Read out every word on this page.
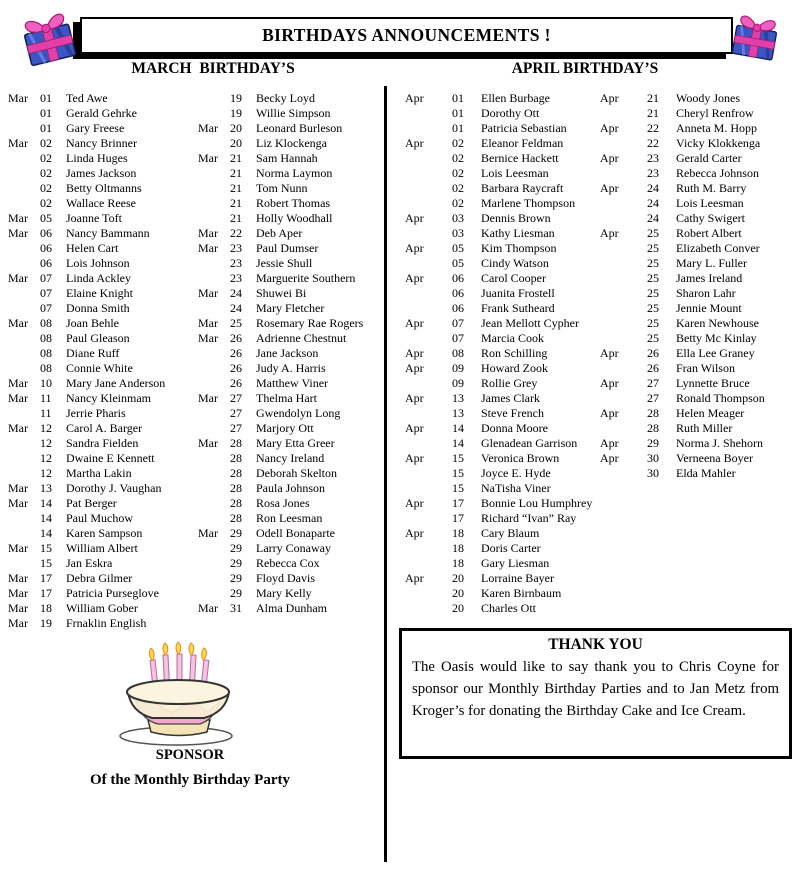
BIRTHDAYS ANNOUNCEMENTS !
MARCH  BIRTHDAY’S	APRIL BIRTHDAY’S
Mar	01	Ted Awe
01	Gerald Gehrke
01	Gary Freese
Mar	02	Nancy Brinner
02	Linda Huges
02	James Jackson
02	Betty Oltmanns
02	Wallace Reese
Mar	05	Joanne Toft
Mar	06	Nancy Bammann
06	Helen Cart
06	Lois Johnson
Mar	07	Linda Ackley
07	Elaine Knight
07	Donna Smith
Mar	08	Joan Behle
08	Paul Gleason
08	Diane Ruff
08	Connie White
Mar	10	Mary Jane Anderson
Mar	11	Nancy Kleinmam
11	Jerrie Pharis
Mar	12	Carol A. Barger
12	Sandra Fielden
12	Dwaine E Kennett
12	Martha Lakin
Mar	13	Dorothy J. Vaughan
Mar	14	Pat Berger
14	Paul Muchow
14	Karen Sampson
Mar	15	William Albert
15	Jan Eskra
Mar	17	Debra Gilmer
Mar	17	Patricia Purseglove
Mar	18	William Gober
Mar	19	Frnaklin English
19	Becky Loyd
19	Willie Simpson
Mar	20	Leonard Burleson
20	Liz Klockenga
Mar	21	Sam Hannah
21	Norma Laymon
21	Tom Nunn
21	Robert Thomas
21	Holly Woodhall
Mar	22	Deb Aper
Mar	23	Paul Dumser
23	Jessie Shull
23	Marguerite Southern
Mar	24	Shuwei Bi
24	Mary Fletcher
Mar	25	Rosemary Rae Rogers
Mar	26	Adrienne Chestnut
26	Jane Jackson
26	Judy A. Harris
26	Matthew Viner
Mar	27	Thelma Hart
27	Gwendolyn Long
27	Marjory Ott
Mar	28	Mary Etta Greer
28	Nancy Ireland
28	Deborah Skelton
28	Paula Johnson
28	Rosa Jones
28	Ron Leesman
Mar	29	Odell Bonaparte
29	Larry Conaway
29	Rebecca Cox
29	Floyd Davis
29	Mary Kelly
Mar	31	Alma Dunham
Apr	01	Ellen Burbage
01	Dorothy Ott
01	Patricia Sebastian
Apr	02	Eleanor Feldman
02	Bernice Hackett
02	Lois Leesman
02	Barbara Raycraft
02	Marlene Thompson
Apr	03	Dennis Brown
03	Kathy Liesman
Apr	05	Kim Thompson
05	Cindy Watson
Apr	06	Carol Cooper
06	Juanita Frostell
06	Frank Sutheard
Apr	07	Jean Mellott Cypher
07	Marcia Cook
Apr	08	Ron Schilling
Apr	09	Howard Zook
09	Rollie Grey
Apr	13	James Clark
13	Steve French
Apr	14	Donna Moore
14	Glenadean Garrison
Apr	15	Veronica Brown
15	Joyce E. Hyde
15	NaTisha Viner
Apr	17	Bonnie Lou Humphrey
17	Richard “Ivan” Ray
Apr	18	Cary Blaum
18	Doris Carter
18	Gary Liesman
Apr	20	Lorraine Bayer
20	Karen Birnbaum
20	Charles Ott
Apr	21	Woody Jones
21	Cheryl Renfrow
Apr	22	Anneta M. Hopp
22	Vicky Klokkenga
Apr	23	Gerald Carter
23	Rebecca Johnson
Apr	24	Ruth M. Barry
24	Lois Leesman
24	Cathy Swigert
Apr	25	Robert Albert
25	Elizabeth Conver
25	Mary L. Fuller
25	James Ireland
25	Sharon Lahr
25	Jennie Mount
25	Karen Newhouse
25	Betty Mc Kinlay
Apr	26	Ella Lee Graney
26	Fran Wilson
Apr	27	Lynnette Bruce
27	Ronald Thompson
Apr	28	Helen Meager
28	Ruth Miller
Apr	29	Norma J. Shehorn
Apr	30	Verneena Boyer
30	Elda Mahler
SPONSOR
Of the Monthly Birthday Party
THANK YOU
The Oasis would like to say thank you to Chris Coyne for sponsor our Monthly Birthday Parties and to Jan Metz from Kroger’s for donating the Birthday Cake and Ice Cream.
